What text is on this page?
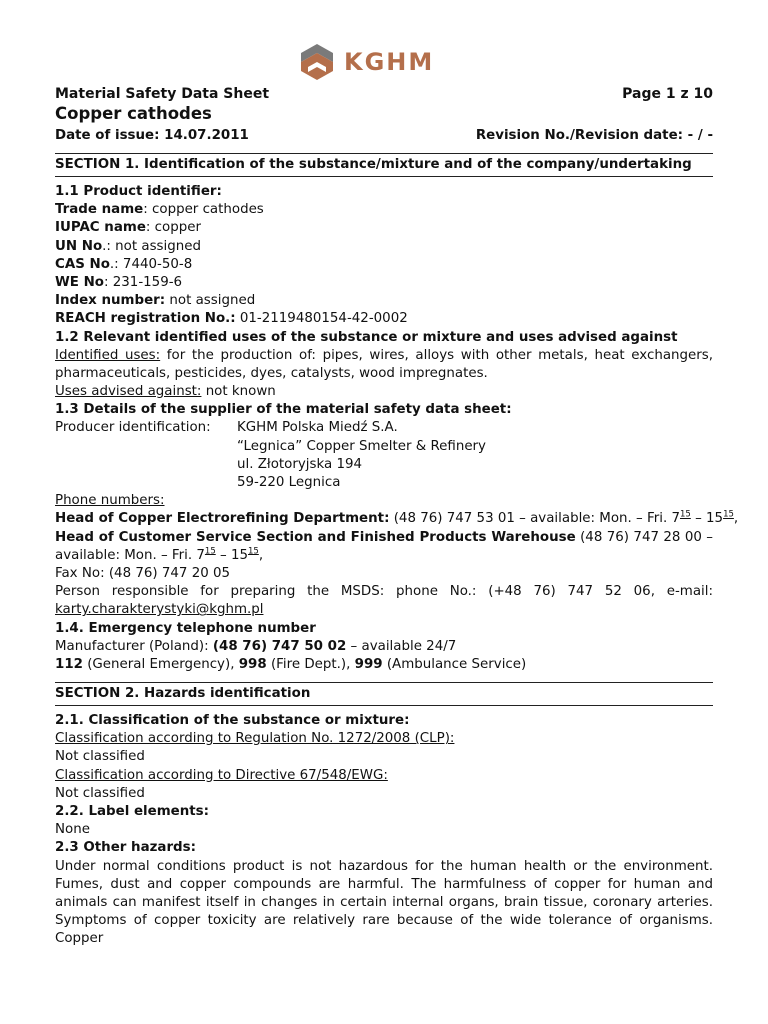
KGHM
Material Safety Data Sheet	Page 1 z 10
Copper cathodes
Date of issue: 14.07.2011	Revision No./Revision date: - / -
SECTION 1. Identification of the substance/mixture and of the company/undertaking
1.1 Product identifier:
Trade name: copper cathodes
IUPAC name: copper
UN No.: not assigned
CAS No.: 7440-50-8
WE No: 231-159-6
Index number: not assigned
REACH registration No.: 01-2119480154-42-0002
1.2 Relevant identified uses of the substance or mixture and uses advised against
Identified uses: for the production of: pipes, wires, alloys with other metals, heat exchangers,
pharmaceuticals, pesticides, dyes, catalysts, wood impregnates.
Uses advised against: not known
1.3 Details of the supplier of the material safety data sheet:
Producer identification: KGHM Polska Miedź S.A.
“Legnica” Copper Smelter & Refinery
ul. Złotoryjska 194
59-220 Legnica
Phone numbers:
Head of Copper Electrorefining Department: (48 76) 747 53 01 – available: Mon. – Fri. $7^{15} - 15^{15}$,
Head of Customer Service Section and Finished Products Warehouse (48 76) 747 28 00 –
available: Mon. – Fri. $7^{15} - 15^{15}$,
Fax No: (48 76) 747 20 05
Person responsible for preparing the MSDS: phone No.: (+48 76) 747 52 06, e-mail:
karty.charakterystyki@kghm.pl
1.4. Emergency telephone number
Manufacturer (Poland): (48 76) 747 50 02 – available 24/7
112 (General Emergency), 998 (Fire Dept.), 999 (Ambulance Service)
SECTION 2. Hazards identification
2.1. Classification of the substance or mixture:
Classification according to Regulation No. 1272/2008 (CLP):
Not classified
Classification according to Directive 67/548/EWG:
Not classified
2.2. Label elements:
None
2.3 Other hazards:
Under normal conditions product is not hazardous for the human health or the environment.
Fumes, dust and copper compounds are harmful. The harmfulness of copper for human and
animals can manifest itself in changes in certain internal organs, brain tissue, coronary arteries.
Symptoms of copper toxicity are relatively rare because of the wide tolerance of organisms. Copper
